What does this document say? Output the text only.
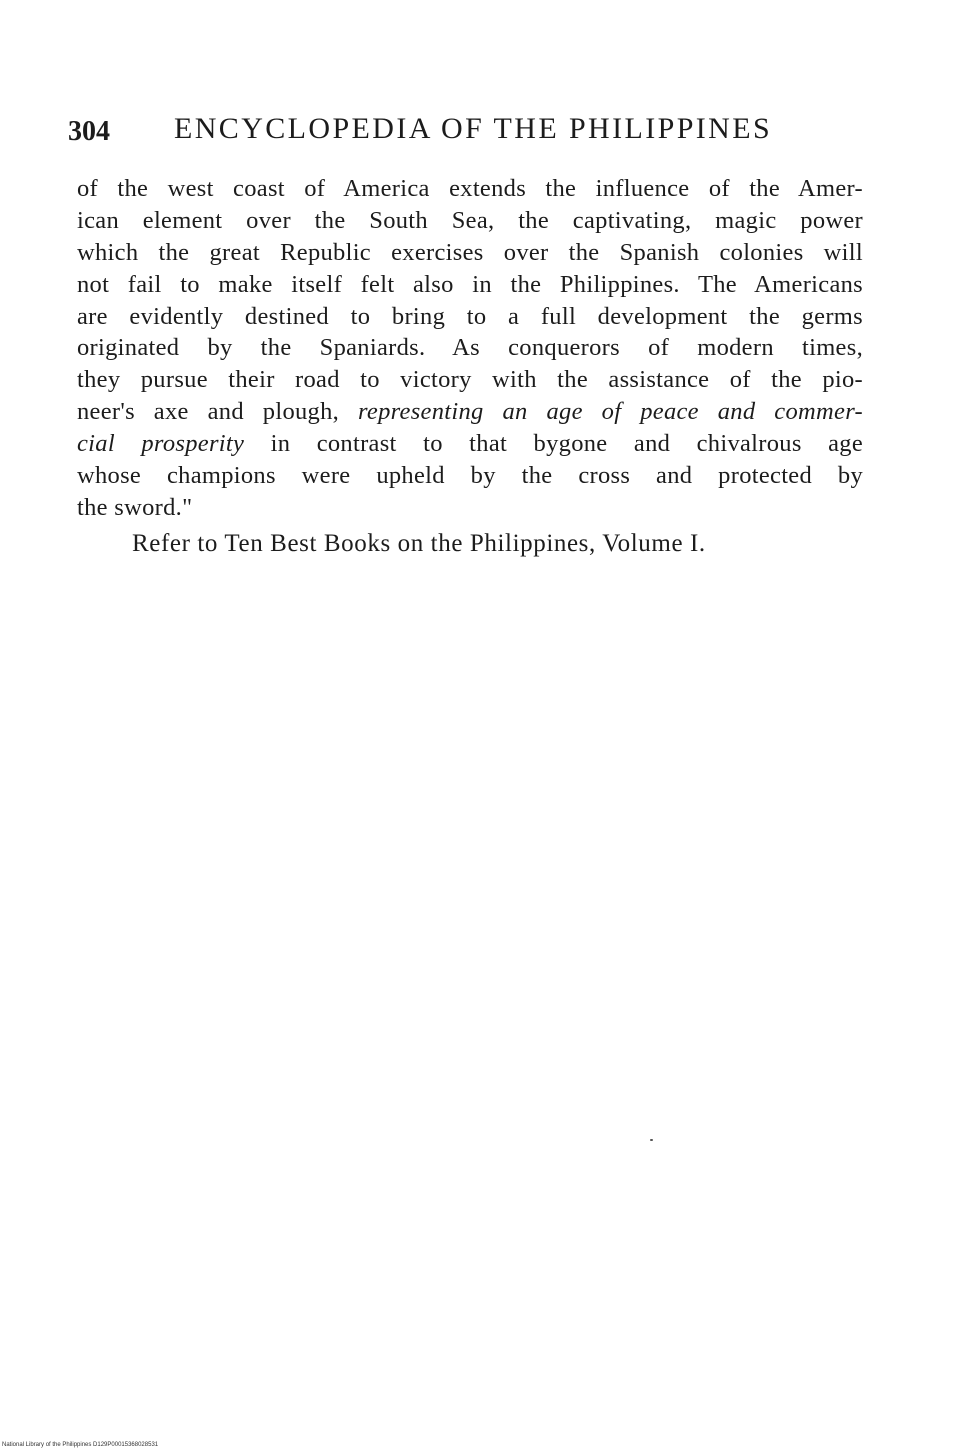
304 ENCYCLOPEDIA OF THE PHILIPPINES
of the west coast of America extends the influence of the Amer-
ican element over the South Sea, the captivating, magic power
which the great Republic exercises over the Spanish colonies will
not fail to make itself felt also in the Philippines. The Americans
are evidently destined to bring to a full development the germs
originated by the Spaniards. As conquerors of modern times,
they pursue their road to victory with the assistance of the pio-
neer's axe and plough, representing an age of peace and commer-
cial prosperity in contrast to that bygone and chivalrous age
whose champions were upheld by the cross and protected by
the sword."
Refer to Ten Best Books on the Philippines, Volume I.
National Library of the Philippines D129P00015368028531
